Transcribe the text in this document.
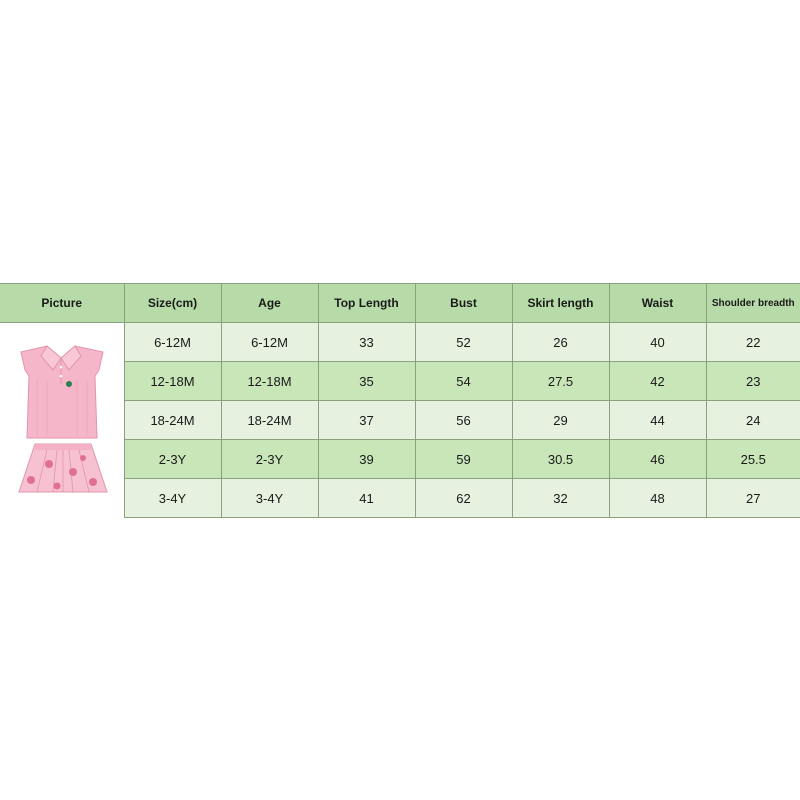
Picture	Size(cm)	Age	Top Length	Bust	Skirt length	Waist	Shoulder breadth

	6-12M	6-12M	33	52	26	40	22
	12-18M	12-18M	35	54	27.5	42	23
	18-24M	18-24M	37	56	29	44	24
	2-3Y	2-3Y	39	59	30.5	46	25.5
	3-4Y	3-4Y	41	62	32	48	27
